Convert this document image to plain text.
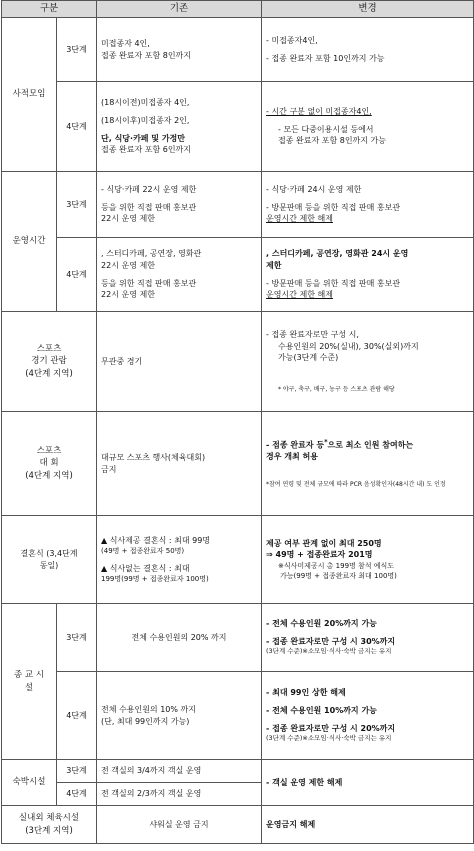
구분		기존	변경
사적모임	3단계	미접종자 4인,
접종 완료자 포함 8인까지	- 미접종자4인,
- 접종 완료자 포함 10인까지 가능

	4단계	(18시이전)미접종자 4인,
(18시이후)미접종자 2인,
단, 식당·카페 및 가정만
접종 완료자 포함 6인까지	- 시간 구분 없이 미접종자4인,
- 모든 다중이용시설 등에서
접종 완료자 포함 8인까지 가능

운영시간	3단계	- 식당·카페 22시 운영 제한
등을 위한 직접 판매 홍보관
22시 운영 제한	- 식당·카페 24시 운영 제한
- 방문판매 등을 위한 직접 판매 홍보관
운영시간 제한 해제

	4단계	, 스터디카페, 공연장, 영화관
22시 운영 제한
등을 위한 직접 판매 홍보관
22시 운영 제한	, 스터디카페, 공연장, 영화관 24시 운영
제한
- 방문판매 등을 위한 직접 판매 홍보관
운영시간 제한 해제

스포츠
경기 관람
(4단계 지역)		무관중 경기	- 접종 완료자로만 구성 시,
수용인원의 20%(실내), 30%(실외)까지
가능(3단계 수준)
* 야구, 축구, 배구, 농구 등 스포츠 관람 해당

스포츠
대 회
(4단계 지역)		대규모 스포츠 행사(체육대회)
금지	- 접종 완료자 등*으로 최소 인원 참여하는
경우 개최 허용
*참여 연령 및 전체 규모에 따라 PCR 음성확인자(48시간 내) 도 인정

결혼식 (3,4단계
동일)		▲ 식사제공 결혼식 : 최대 99명
(49명 + 접종완료자 50명)
▲ 식사없는 결혼식 : 최대
199명(99명 + 접종완료자 100명)	제공 여부 관계 없이 최대 250명
⇒ 49명 + 접종완료자 201명
※식사미제공시 총 199명 참석 예식도
가능(99명 + 접종완료자 최대 100명)

종 교 시
설	3단계	전체 수용인원의 20% 까지	- 전체 수용인원 20%까지 가능
- 접종 완료자로만 구성 시 30%까지
(3단계 수준)※소모임·식사·숙박 금지는 유지

	4단계	전체 수용인원의 10% 까지
(단, 최대 99인까지 가능)	- 최대 99인 상한 해제
- 전체 수용인원 10%까지 가능
- 접종 완료자로만 구성 시 20%까지
(3단계 수준)※소모임·식사·숙박 금지는 유지

숙박시설	3단계	전 객실의 3/4까지 객실 운영	- 객실 운영 제한 해제
	4단계	전 객실의 2/3까지 객실 운영	

실내외 체육시설
(3단계 지역)		샤워실 운영 금지	운영금지 해제
